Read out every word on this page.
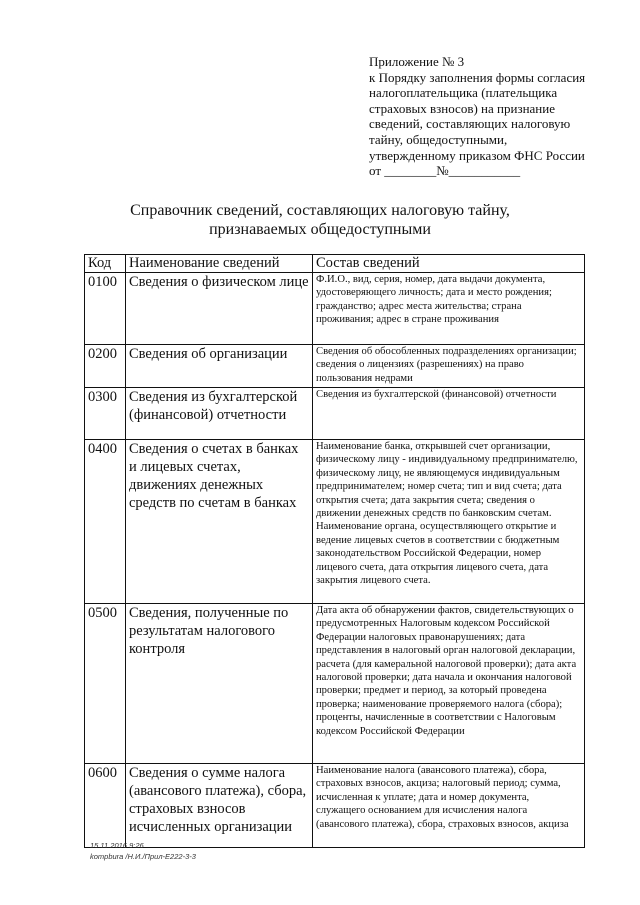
Приложение № 3
к Порядку заполнения формы согласия
налогоплательщика (плательщика
страховых взносов) на признание
сведений, составляющих налоговую
тайну, общедоступными,
утвержденному приказом ФНС России
от ________№___________
Справочник сведений, составляющих налоговую тайну,
признаваемых общедоступными
Код	Наименование сведений	Состав сведений
0100	Сведения о физическом лице	Ф.И.О., вид, серия, номер, дата выдачи документа, удостоверяющего личность; дата и место рождения; гражданство; адрес места жительства; страна проживания; адрес в стране проживания
0200	Сведения об организации	Сведения об обособленных подразделениях организации; сведения о лицензиях (разрешениях) на право пользования недрами
0300	Сведения из бухгалтерской (финансовой) отчетности	Сведения из бухгалтерской (финансовой) отчетности
0400	Сведения о счетах в банках и лицевых счетах, движениях денежных средств по счетам в банках	Наименование банка, открывшей счет организации, физическому лицу - индивидуальному предпринимателю, физическому лицу, не являющемуся индивидуальным предпринимателем; номер счета; тип и вид счета; дата открытия счета; дата закрытия счета; сведения о движении денежных средств по банковским счетам. Наименование органа, осуществляющего открытие и ведение лицевых счетов в соответствии с бюджетным законодательством Российской Федерации, номер лицевого счета, дата открытия лицевого счета, дата закрытия лицевого счета.
0500	Сведения, полученные по результатам налогового контроля	Дата акта об обнаружении фактов, свидетельствующих о предусмотренных Налоговым кодексом Российской Федерации налоговых правонарушениях; дата представления в налоговый орган налоговой декларации, расчета (для камеральной налоговой проверки); дата акта налоговой проверки; дата начала и окончания налоговой проверки; предмет и период, за который проведена проверка; наименование проверяемого налога (сбора); проценты, начисленные в соответствии с Налоговым кодексом Российской Федерации
0600	Сведения о сумме налога (авансового платежа), сбора, страховых взносов исчисленных организации	Наименование налога (авансового платежа), сбора, страховых взносов, акциза; налоговый период; сумма, исчисленная к уплате; дата и номер документа, служащего основанием для исчисления налога (авансового платежа), сбора, страховых взносов, акциза
15.11.2016 9:26
kompbura /Н.И./Прил-E222-3-3
